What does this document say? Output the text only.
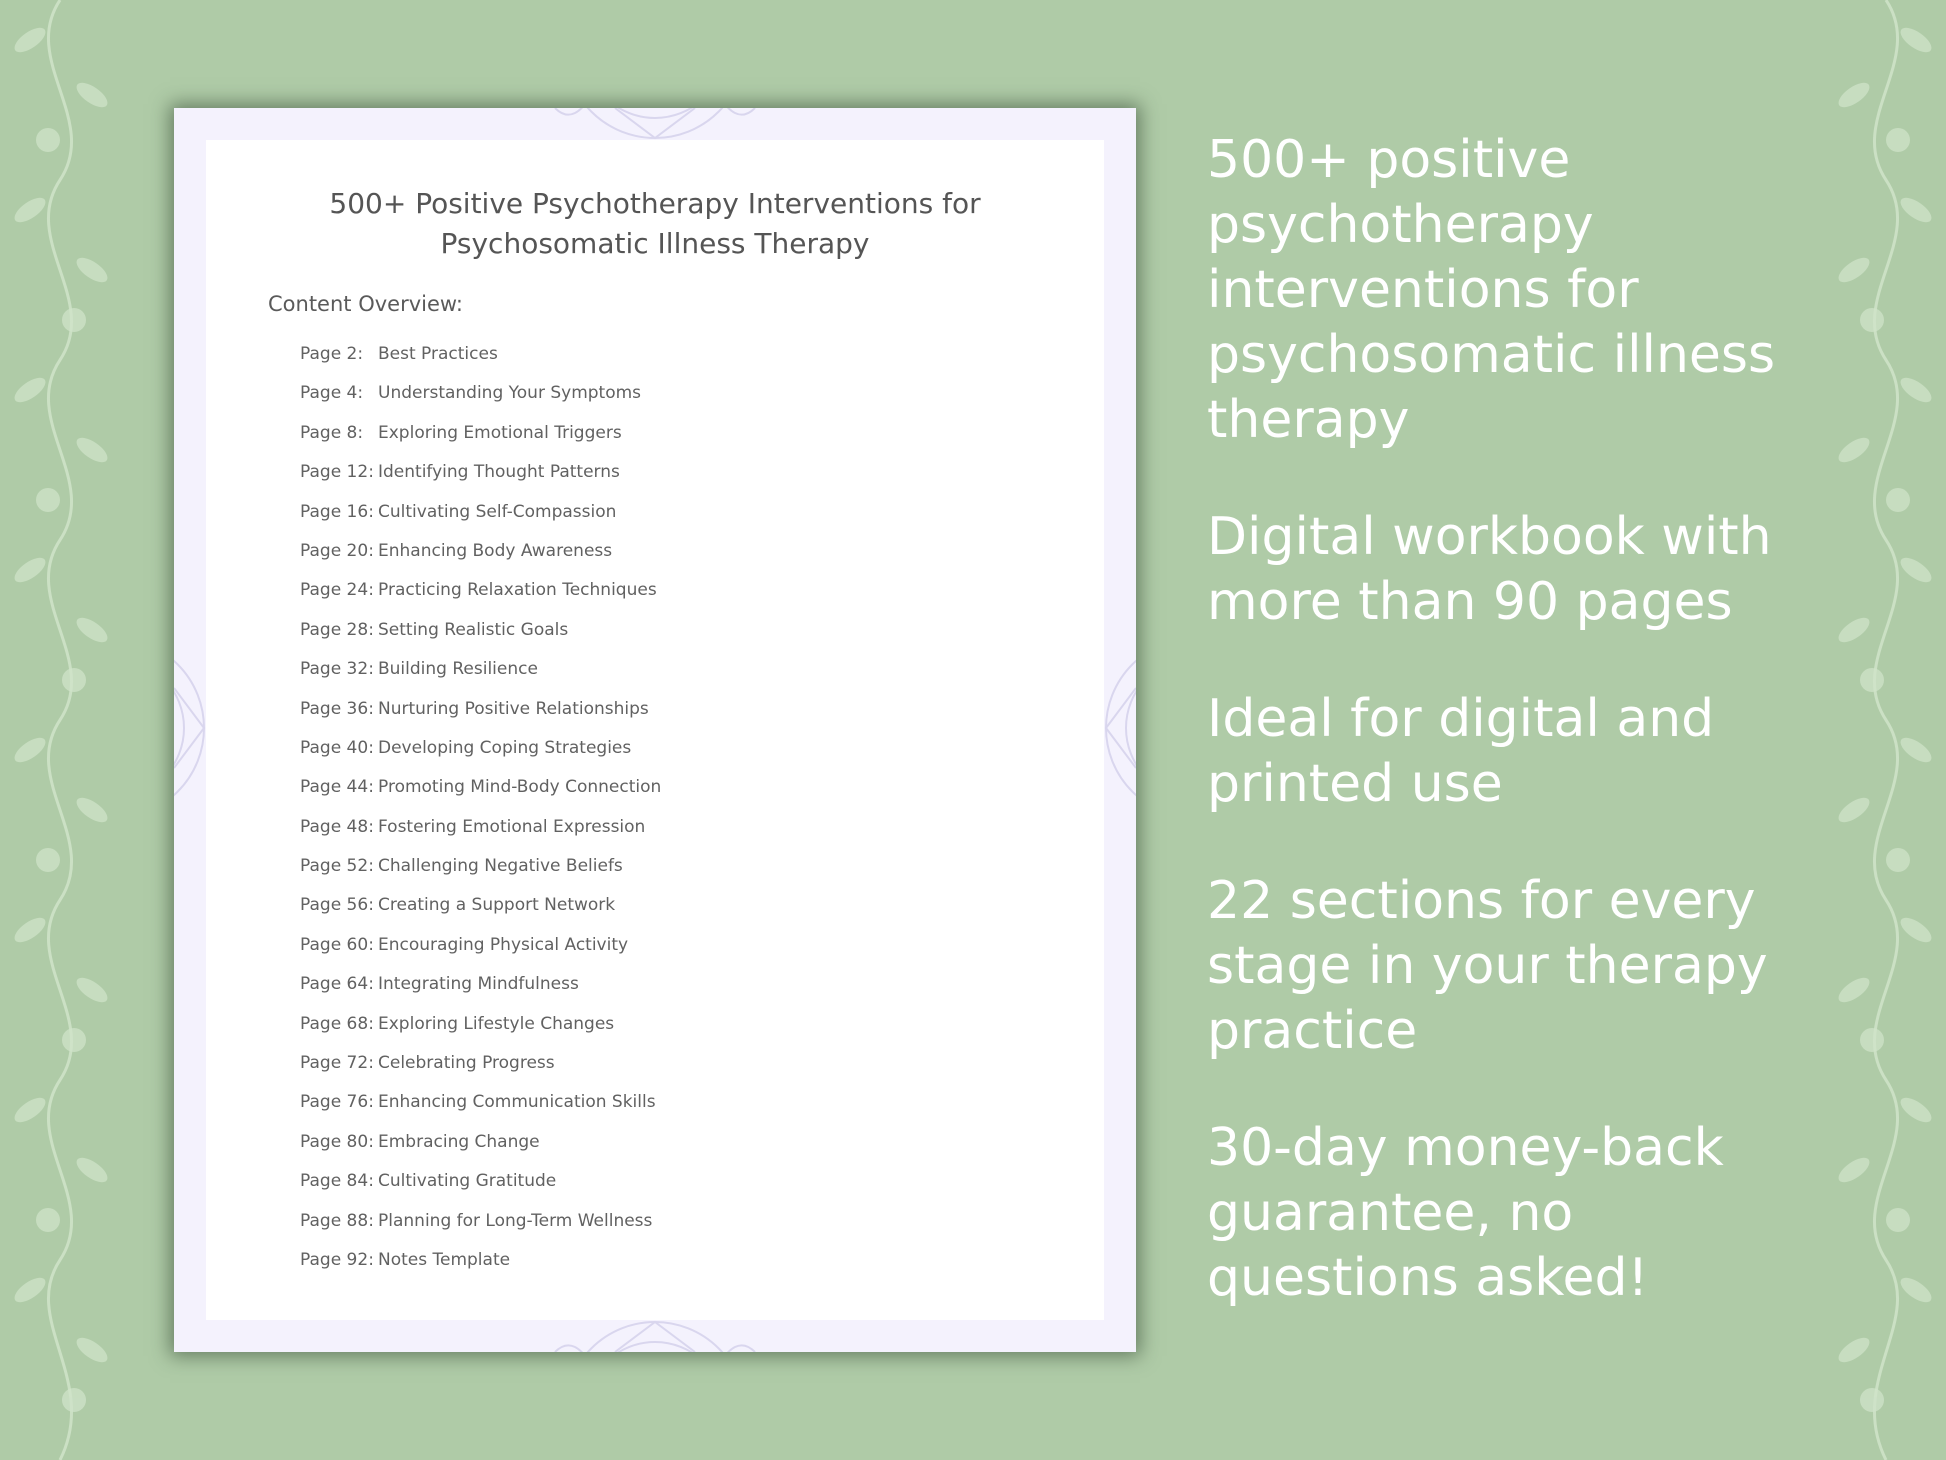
500+ Positive Psychotherapy Interventions for
Psychosomatic Illness Therapy
Content Overview:
Page 2: Best Practices
Page 4: Understanding Your Symptoms
Page 8: Exploring Emotional Triggers
Page 12: Identifying Thought Patterns
Page 16: Cultivating Self-Compassion
Page 20: Enhancing Body Awareness
Page 24: Practicing Relaxation Techniques
Page 28: Setting Realistic Goals
Page 32: Building Resilience
Page 36: Nurturing Positive Relationships
Page 40: Developing Coping Strategies
Page 44: Promoting Mind-Body Connection
Page 48: Fostering Emotional Expression
Page 52: Challenging Negative Beliefs
Page 56: Creating a Support Network
Page 60: Encouraging Physical Activity
Page 64: Integrating Mindfulness
Page 68: Exploring Lifestyle Changes
Page 72: Celebrating Progress
Page 76: Enhancing Communication Skills
Page 80: Embracing Change
Page 84: Cultivating Gratitude
Page 88: Planning for Long-Term Wellness
Page 92: Notes Template

500+ positive psychotherapy interventions for psychosomatic illness therapy

Digital workbook with more than 90 pages

Ideal for digital and printed use

22 sections for every stage in your therapy practice

30-day money-back guarantee, no questions asked!
